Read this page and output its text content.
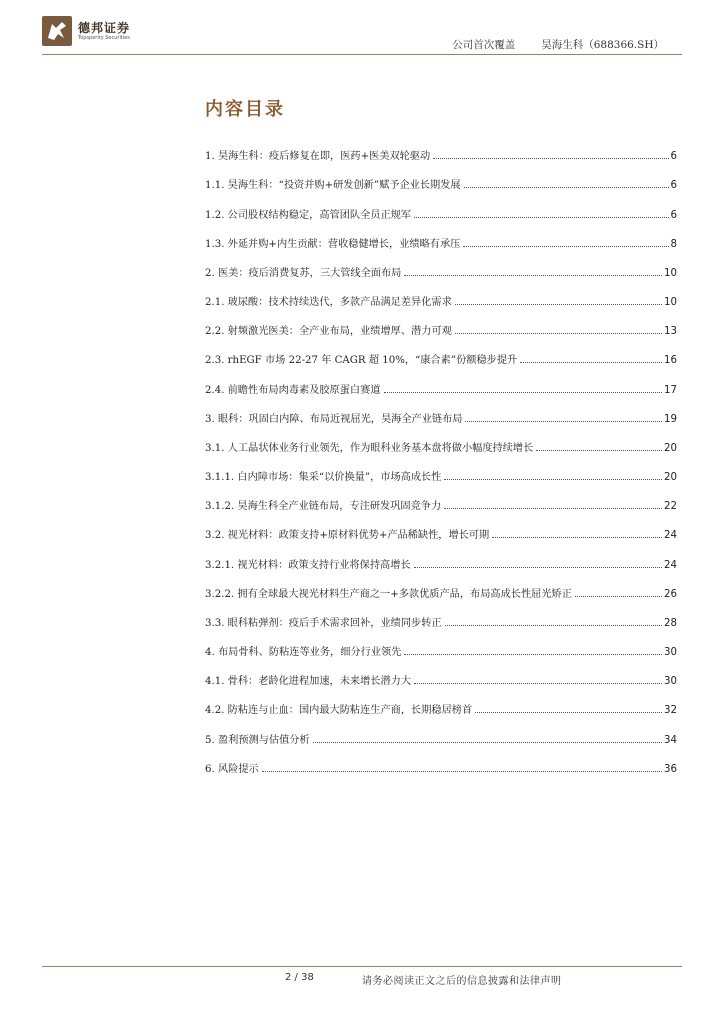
德邦证券
Topsperity Securities
公司首次覆盖 昊海生科（688366.SH）
内容目录
1. 昊海生科：疫后修复在即，医药+医美双轮驱动	6
1.1. 昊海生科：“投资并购+研发创新”赋予企业长期发展	6
1.2. 公司股权结构稳定，高管团队全员正规军	6
1.3. 外延并购+内生贡献：营收稳健增长，业绩略有承压	8
2. 医美：疫后消费复苏，三大管线全面布局	10
2.1. 玻尿酸：技术持续迭代，多款产品满足差异化需求	10
2.2. 射频激光医美：全产业布局，业绩增厚、潜力可观	13
2.3. rhEGF 市场 22-27 年 CAGR 超 10%，“康合素”份额稳步提升	16
2.4. 前瞻性布局肉毒素及胶原蛋白赛道	17
3. 眼科：巩固白内障、布局近视屈光，昊海全产业链布局	19
3.1. 人工晶状体业务行业领先，作为眼科业务基本盘将做小幅度持续增长	20
3.1.1. 白内障市场：集采“以价换量”，市场高成长性	20
3.1.2. 昊海生科全产业链布局，专注研发巩固竞争力	22
3.2. 视光材料：政策支持+原材料优势+产品稀缺性，增长可期	24
3.2.1. 视光材料：政策支持行业将保持高增长	24
3.2.2. 拥有全球最大视光材料生产商之一+多款优质产品，布局高成长性屈光矫正	26
3.3. 眼科粘弹剂：疫后手术需求回补，业绩同步转正	28
4. 布局骨科、防粘连等业务，细分行业领先	30
4.1. 骨科：老龄化进程加速，未来增长潜力大	30
4.2. 防粘连与止血：国内最大防粘连生产商，长期稳居榜首	32
5. 盈利预测与估值分析	34
6. 风险提示	36
2 / 38	请务必阅读正文之后的信息披露和法律声明
